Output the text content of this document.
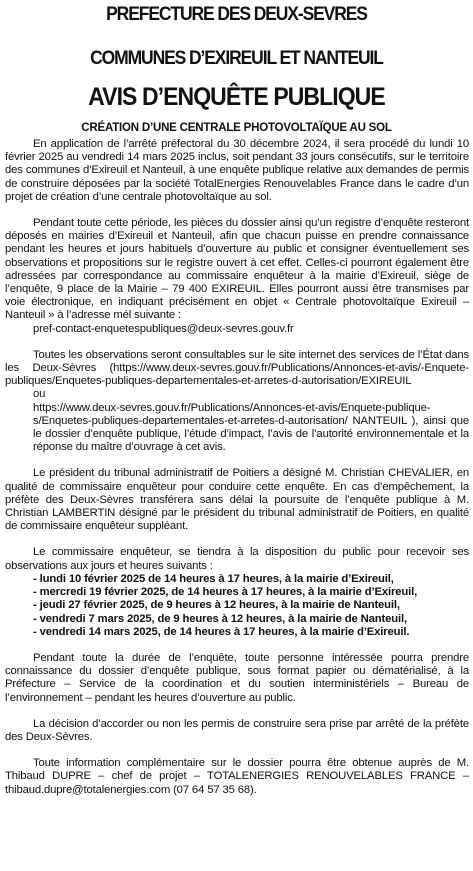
PREFECTURE DES DEUX-SEVRES
COMMUNES D’EXIREUIL ET NANTEUIL
AVIS D’ENQUÊTE PUBLIQUE
CRÉATION D’UNE CENTRALE PHOTOVOLTAÏQUE AU SOL

En application de l’arrêté préfectoral du 30 décembre 2024, il sera procédé du lundi 10 février 2025 au vendredi 14 mars 2025 inclus, soit pendant 33 jours consécutifs, sur le territoire des communes d’Exireuil et Nanteuil, à une enquête publique relative aux demandes de permis de construire déposées par la société TotalEnergies Renouvelables France dans le cadre d’un projet de création d’une centrale photovoltaïque au sol.

Pendant toute cette période, les pièces du dossier ainsi qu’un registre d’enquête resteront déposés en mairies d’Exireuil et Nanteuil, afin que chacun puisse en prendre connaissance pendant les heures et jours habituels d’ouverture au public et consigner éventuellement ses observations et propositions sur le registre ouvert à cet effet. Celles-ci pourront également être adressées par correspondance au commissaire enquêteur à la mairie d’Exireuil, siège de l’enquête, 9 place de la Mairie – 79 400 EXIREUIL. Elles pourront aussi être transmises par voie électronique, en indiquant précisément en objet « Centrale photovoltaïque Exireuil – Nanteuil » à l’adresse mél suivante :

pref-contact-enquetespubliques@deux-sevres.gouv.fr

Toutes les observations seront consultables sur le site internet des services de l’État dans les Deux-Sèvres (https://www.deux-sevres.gouv.fr/Publications/Annonces-et-avis/-Enquete-publiques/Enquetes-publiques-departementales-et-arretes-d-autorisation/EXIREUIL

ou

https://www.deux-sevres.gouv.fr/Publications/Annonces-et-avis/Enquete-publique-s/Enquetes-publiques-departementales-et-arretes-d-autorisation/ NANTEUIL ), ainsi que le dossier d’enquête publique, l’étude d’impact, l’avis de l’autorité environnementale et la réponse du maître d’ouvrage à cet avis.

Le président du tribunal administratif de Poitiers a désigné M. Christian CHEVALIER, en qualité de commissaire enquêteur pour conduire cette enquête. En cas d’empêchement, la préfète des Deux-Sèvres transférera sans délai la poursuite de l’enquête publique à M. Christian LAMBERTIN désigné par le président du tribunal administratif de Poitiers, en qualité de commissaire enquêteur suppléant.

Le commissaire enquêteur, se tiendra à la disposition du public pour recevoir ses observations aux jours et heures suivants :

- lundi 10 février 2025 de 14 heures à 17 heures, à la mairie d’Exireuil,
- mercredi 19 février 2025, de 14 heures à 17 heures, à la mairie d’Exireuil,
- jeudi 27 février 2025, de 9 heures à 12 heures, à la mairie de Nanteuil,
- vendredi 7 mars 2025, de 9 heures à 12 heures, à la mairie de Nanteuil,
- vendredi 14 mars 2025, de 14 heures à 17 heures, à la mairie d’Exireuil.

Pendant toute la durée de l’enquête, toute personne intéressée pourra prendre connaissance du dossier d’enquête publique, sous format papier ou dématérialisé, à la Préfecture – Service de la coordination et du soutien interministériels – Bureau de l’environnement – pendant les heures d’ouverture au public.

La décision d’accorder ou non les permis de construire sera prise par arrêté de la préfète des Deux-Sèvres.

Toute information complémentaire sur le dossier pourra être obtenue auprès de M. Thibaud DUPRE – chef de projet – TOTALENERGIES RENOUVELABLES FRANCE – thibaud.dupre@totalenergies.com (07 64 57 35 68).
